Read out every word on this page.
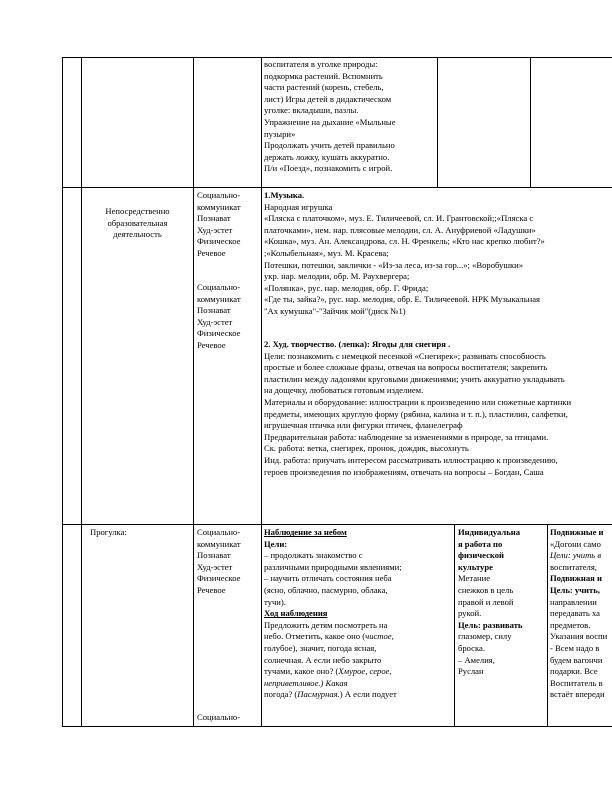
воспитателя в уголке природы:
подкормка растений. Вспомнить
части растений (корень, стебель,
лист) Игры детей в дидактическом
уголке: вкладыши, пазлы.
Упражнение на дыхание «Мыльные
пузыри»
Продолжать учить детей правильно
держать ложку, кушать аккуратно.
П/и «Поезд», познакомить с игрой.
Непосредственно
образовательная
деятельность
Социально-
коммуникат
Познават
Худ-эстет
Физическое
Речевое
Социально-
коммуникат
Познават
Худ-эстет
Физическое
Речевое
1.Музыка.
Народная игрушка
«Пляска с платочком», муз. Е. Тиличеевой, сл. И. Грантовской;;«Пляска с
платочками», нем. нар. плясовые мелодии, сл. А. Ануфриевой «Ладушки»
«Кошка», муз. Ан. Александрова, сл. Н. Френкель; «Кто нас крепко любит?»
;«Колыбельная», муз. М. Красева;
Потешки, потешки, заклички - «Из-за леса, из-за гор...»; «Воробушки»
укр. нар. мелодии, обр. М. Раухвергера;
«Полянка», рус. нар. мелодия, обр. Г. Фрида;
«Где ты, зайка?», рус. нар. мелодия, обр. Е. Тиличеевой. НРК Музыкальная
"Ах кумушка"-"Зайчик мой"(диск №1)
2. Худ. творчество. (лепка): Ягоды для снегиря .
Цели: познакомить с немецкой песенкой «Снегирек»; развивать способность
простые и более сложные фразы, отвечая на вопросы воспитателя; закрепить
пластилин между ладонями круговыми движениями; учить аккуратно укладывать
на дощечку, любоваться готовым изделием.
Материалы и оборудование: иллюстрации к произведению или сюжетные картинки
предметы, имеющих круглую форму (рябина, калина и т. п.), пластилин, салфетки,
игрушечная птичка или фигурки птичек, фланелеграф
Предварительная работа: наблюдение за изменениями в природе, за птицами.
Ск. работа: ветка, снегирек, пронок, дождик, высохнуть
Инд. работа: приучать интересом рассматривать иллюстрацию к произведению,
героев произведения по изображениям, отвечать на вопросы – Богдан, Саша
Прогулка:	Социально-
коммуникат
Познават
Худ-эстет
Физическое
Речевое
Социально-
Наблюдение за небом
Цели:
– продолжать знакомство с
различными природными явлениями;
– научить отличать состояния неба
(ясно, облачно, пасмурно, облака,
тучи).
Ход наблюдения
Предложить детям посмотреть на
небо. Отметить, какое оно (чистое,
голубое), значит, погода ясная,
солнечная. А если небо закрыто
тучами, какое оно? (Хмурое, серое,
неприветливое.) Какая
погода? (Пасмурная.) А если подует
Индивидуальна
я работа по
физической
культуре
Метание
снежков в цель
правой и левой
рукой.
Цель: развивать
глазомер, силу
броска.
– Амелия,
Руслан
Подвижные и
«Догони само
Цели: учить в
воспитателя,
Подвижная и
Цель: учить,
направлении
передавать ха
предметов.
Указания воспи
- Всем надо в
будем вагончи
подарки. Все
Воспитатель в
встаёт впереди
